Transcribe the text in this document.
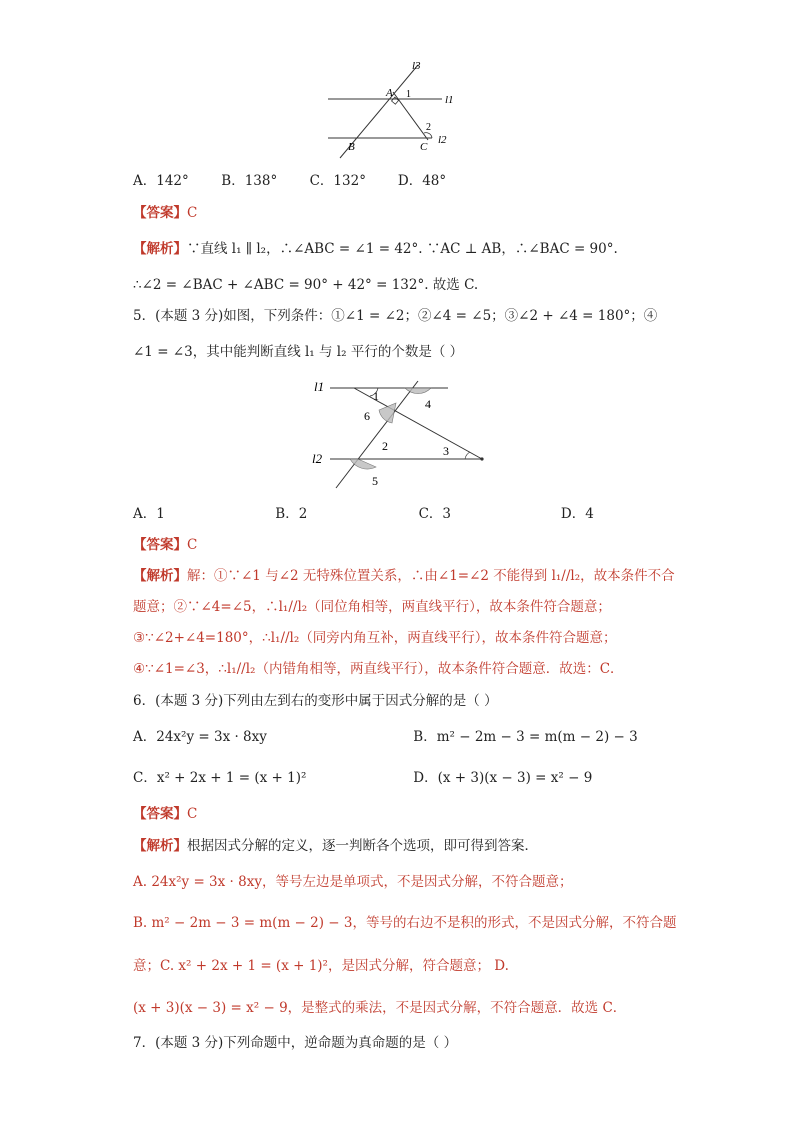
l3
l1
l2
A
B	C
1
2
A．142° B．138° C．132° D．48°
【答案】C
【解析】∵直线 l₁ ∥ l₂，∴∠ABC = ∠1 = 42°. ∵AC ⊥ AB，∴∠BAC = 90°.
∴∠2 = ∠BAC + ∠ABC = 90° + 42° = 132°. 故选 C.
5．(本题 3 分)如图，下列条件：①∠1 = ∠2；②∠4 = ∠5；③∠2 + ∠4 = 180°；④
∠1 = ∠3，其中能判断直线 l₁ 与 l₂ 平行的个数是（ ）
l1
l2
1
2	3
4
5
6
A．1	B．2	C．3	D．4
【答案】C
【解析】解：①∵∠1 与∠2 无特殊位置关系，∴由∠1=∠2 不能得到 l₁//l₂，故本条件不合
题意；②∵∠4=∠5，∴l₁//l₂（同位角相等，两直线平行），故本条件符合题意；
③∵∠2+∠4=180°，∴l₁//l₂（同旁内角互补，两直线平行），故本条件符合题意；
④∵∠1=∠3，∴l₁//l₂（内错角相等，两直线平行），故本条件符合题意．故选：C．
6．(本题 3 分)下列由左到右的变形中属于因式分解的是（ ）
A．24x²y = 3x · 8xy	B．m² − 2m − 3 = m(m − 2) − 3
C．x² + 2x + 1 = (x + 1)²	D．(x + 3)(x − 3) = x² − 9
【答案】C
【解析】根据因式分解的定义，逐一判断各个选项，即可得到答案．
A. 24x²y = 3x · 8xy，等号左边是单项式，不是因式分解，不符合题意；
B. m² − 2m − 3 = m(m − 2) − 3，等号的右边不是积的形式，不是因式分解，不符合题
意；C. x² + 2x + 1 = (x + 1)²，是因式分解，符合题意； D.
(x + 3)(x − 3) = x² − 9，是整式的乘法，不是因式分解，不符合题意．故选 C．
7．(本题 3 分)下列命题中，逆命题为真命题的是（ ）
